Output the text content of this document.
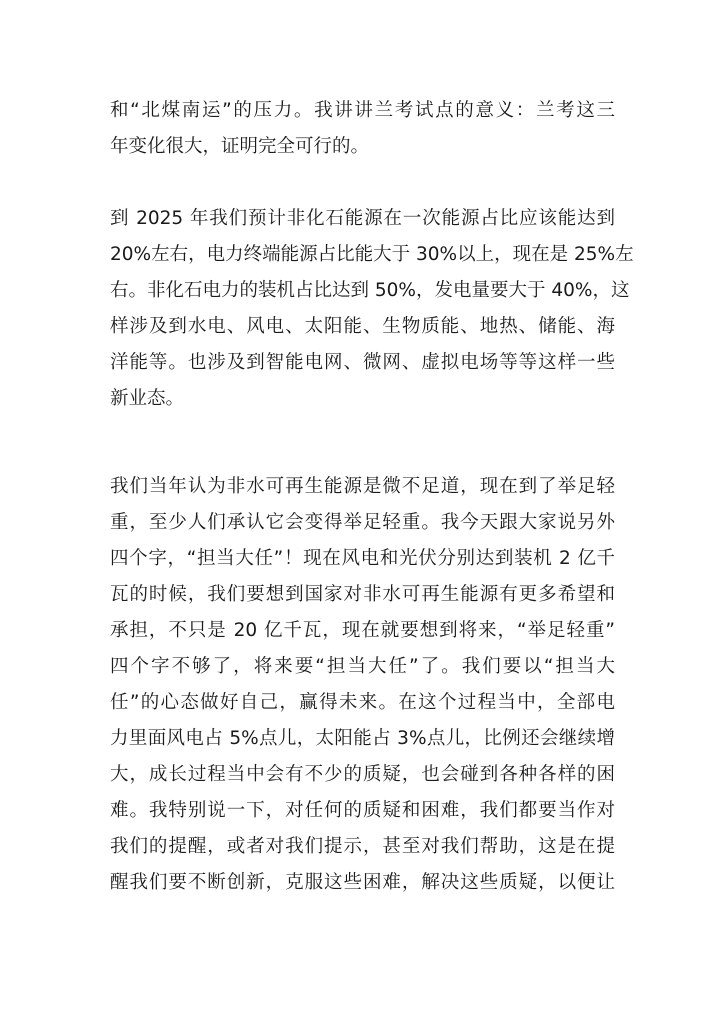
和“北煤南运”的压力。我讲讲兰考试点的意义：兰考这三
年变化很大，证明完全可行的。
到 2025 年我们预计非化石能源在一次能源占比应该能达到
20%左右，电力终端能源占比能大于 30%以上，现在是 25%左
右。非化石电力的装机占比达到 50%，发电量要大于 40%，这
样涉及到水电、风电、太阳能、生物质能、地热、储能、海
洋能等。也涉及到智能电网、微网、虚拟电场等等这样一些
新业态。
我们当年认为非水可再生能源是微不足道，现在到了举足轻
重，至少人们承认它会变得举足轻重。我今天跟大家说另外
四个字，“担当大任”！现在风电和光伏分别达到装机 2 亿千
瓦的时候，我们要想到国家对非水可再生能源有更多希望和
承担，不只是 20 亿千瓦，现在就要想到将来，“举足轻重”
四个字不够了，将来要“担当大任”了。我们要以“担当大
任”的心态做好自己，赢得未来。在这个过程当中，全部电
力里面风电占 5%点儿，太阳能占 3%点儿，比例还会继续增
大，成长过程当中会有不少的质疑，也会碰到各种各样的困
难。我特别说一下，对任何的质疑和困难，我们都要当作对
我们的提醒，或者对我们提示，甚至对我们帮助，这是在提
醒我们要不断创新，克服这些困难，解决这些质疑，以便让
